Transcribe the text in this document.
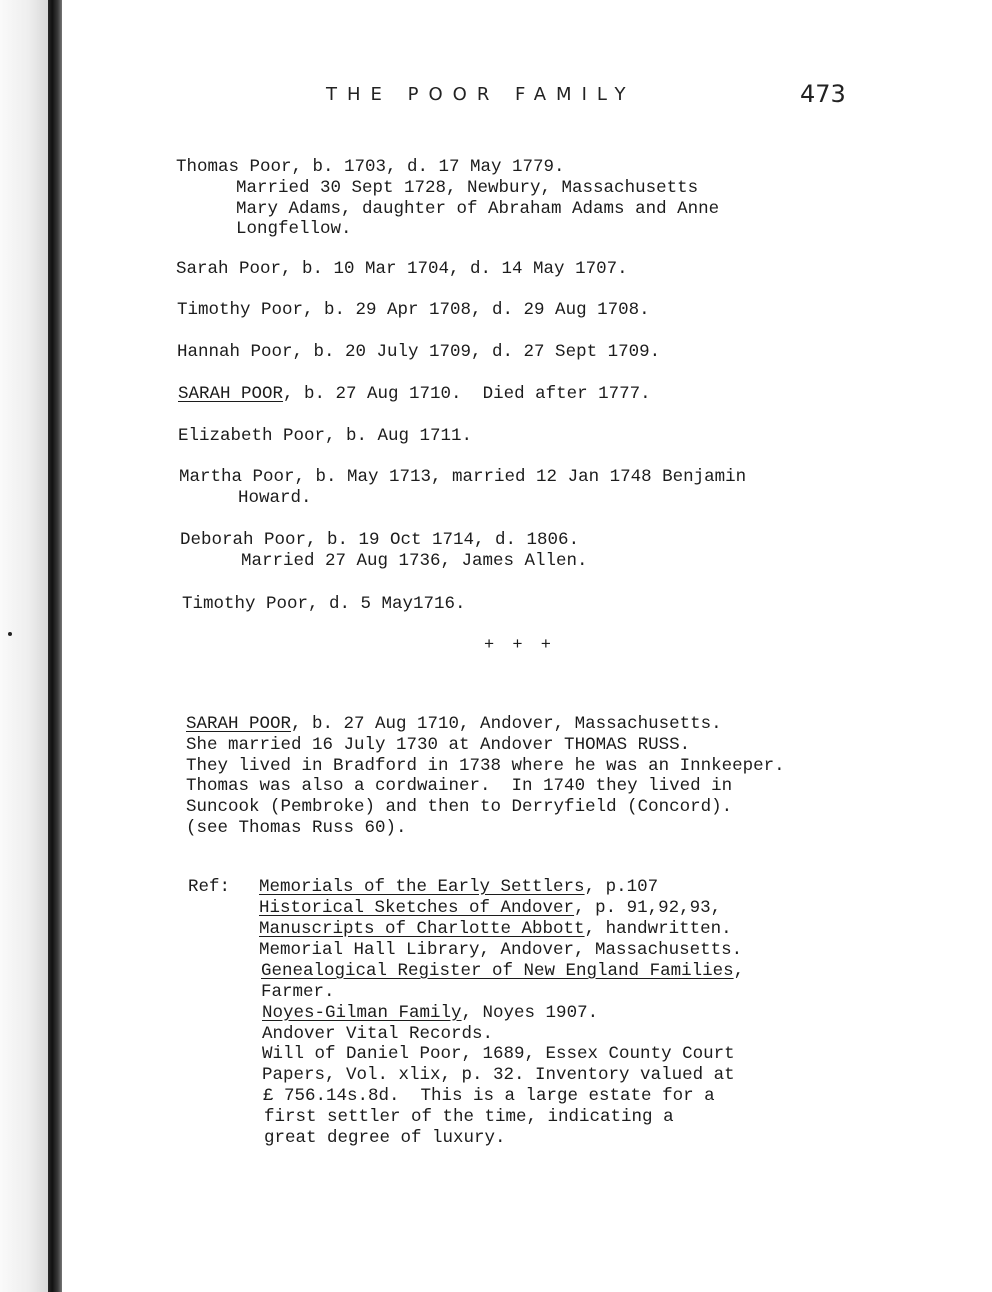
THE POOR FAMILY	473
Thomas Poor, b. 1703, d. 17 May 1779.
Married 30 Sept 1728, Newbury, Massachusetts
Mary Adams, daughter of Abraham Adams and Anne
Longfellow.
Sarah Poor, b. 10 Mar 1704, d. 14 May 1707.
Timothy Poor, b. 29 Apr 1708, d. 29 Aug 1708.
Hannah Poor, b. 20 July 1709, d. 27 Sept 1709.
SARAH POOR, b. 27 Aug 1710.  Died after 1777.
Elizabeth Poor, b. Aug 1711.
Martha Poor, b. May 1713, married 12 Jan 1748 Benjamin
Howard.
Deborah Poor, b. 19 Oct 1714, d. 1806.
Married 27 Aug 1736, James Allen.
Timothy Poor, d. 5 May1716.
+ + +
SARAH POOR, b. 27 Aug 1710, Andover, Massachusetts.
She married 16 July 1730 at Andover THOMAS RUSS.
They lived in Bradford in 1738 where he was an Innkeeper.
Thomas was also a cordwainer.  In 1740 they lived in
Suncook (Pembroke) and then to Derryfield (Concord).
(see Thomas Russ 60).
Ref: Memorials of the Early Settlers, p.107
Historical Sketches of Andover, p. 91,92,93,
Manuscripts of Charlotte Abbott, handwritten.
Memorial Hall Library, Andover, Massachusetts.
Genealogical Register of New England Families,
Farmer.
Noyes-Gilman Family, Noyes 1907.
Andover Vital Records.
Will of Daniel Poor, 1689, Essex County Court
Papers, Vol. xlix, p. 32. Inventory valued at
£ 756.14s.8d.  This is a large estate for a
first settler of the time, indicating a
great degree of luxury.
